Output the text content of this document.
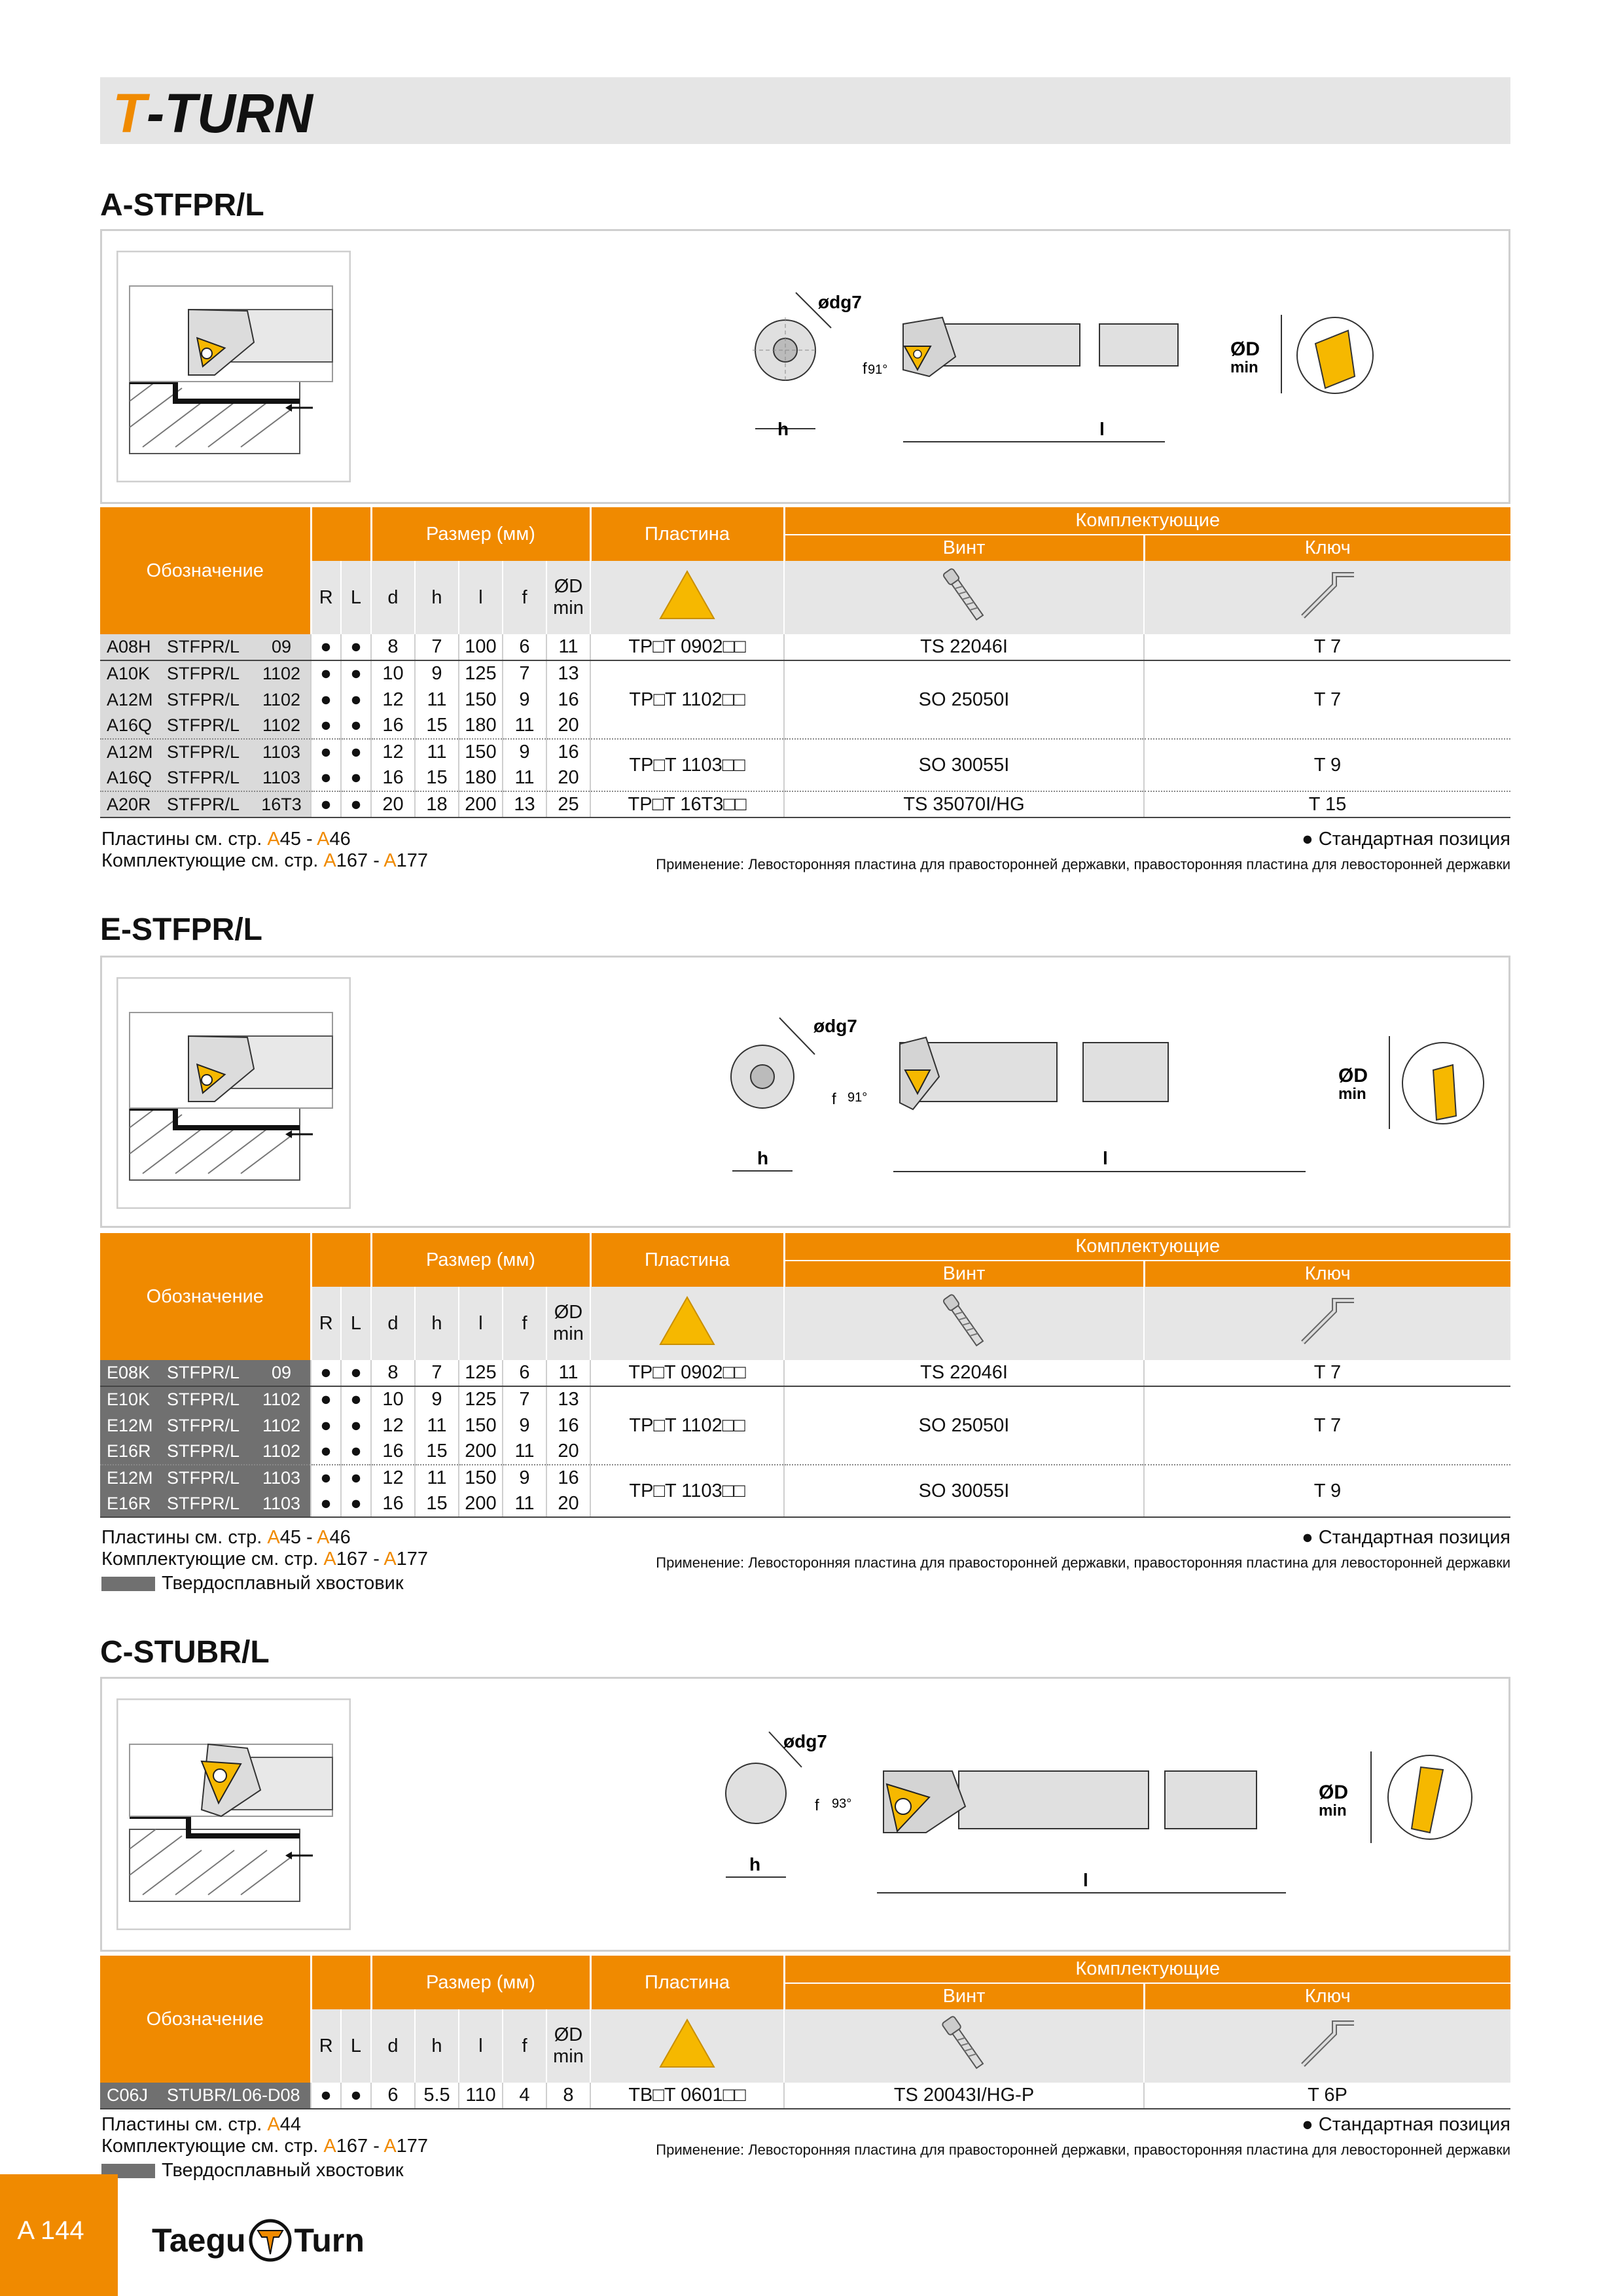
T -TURN
A-STFPR/L
ødg7
h
f 91°
l
ØD
min
Обозначение			Размер (мм)					Пластина	Комплектующие	
									Винт	Ключ
	R	L	d	h	l	f	ØD
min

A08H STFPR/L 09	●	●	8	7	100	6	11	TP□T 0902□□	TS 22046I	T 7
A10K STFPR/L 1102	●	●	10	9	125	7	13	TP□T 1102□□	SO 25050I	T 7
A12M STFPR/L 1102	●	●	12	11	150	9	16			
A16Q STFPR/L 1102	●	●	16	15	180	11	20			
A12M STFPR/L 1103	●	●	12	11	150	9	16	TP□T 1103□□	SO 30055I	T 9
A16Q STFPR/L 1103	●	●	16	15	180	11	20			
A20R STFPR/L 16T3	●	●	20	18	200	13	25	TP□T 16T3□□	TS 35070I/HG	T 15
Пластины см. стр. A45 - A46
Комплектующие см. стр. A167 - A177
● Стандартная позиция
Применение: Левосторонняя пластина для правосторонней державки, правосторонняя пластина для левосторонней державки
E-STFPR/L
ødg7
h
f 91°
l
ØD
min
Обозначение			Размер (мм)					Пластина	Комплектующие	
									Винт	Ключ
	R	L	d	h	l	f	ØD
min

E08K STFPR/L 09	●	●	8	7	125	6	11	TP□T 0902□□	TS 22046I	T 7
E10K STFPR/L 1102	●	●	10	9	125	7	13	TP□T 1102□□	SO 25050I	T 7
E12M STFPR/L 1102	●	●	12	11	150	9	16			
E16R STFPR/L 1102	●	●	16	15	200	11	20			
E12M STFPR/L 1103	●	●	12	11	150	9	16	TP□T 1103□□	SO 30055I	T 9
E16R STFPR/L 1103	●	●	16	15	200	11	20			
Пластины см. стр. A45 - A46
Комплектующие см. стр. A167 - A177
Твердосплавный хвостовик
● Стандартная позиция
Применение: Левосторонняя пластина для правосторонней державки, правосторонняя пластина для левосторонней державки
C-STUBR/L
ødg7
h
f 93°
l
ØD
min
Обозначение			Размер (мм)					Пластина	Комплектующие	
									Винт	Ключ
	R	L	d	h	l	f	ØD
min

C06J STUBR/L06-D08	●	●	6	5.5	110	4	8	TB□T 0601□□	TS 20043I/HG-P	T 6P
Пластины см. стр. A44
Комплектующие см. стр. A167 - A177
Твердосплавный хвостовик
● Стандартная позиция
Применение: Левосторонняя пластина для правосторонней державки, правосторонняя пластина для левосторонней державки
A 144	Taegu Turn
